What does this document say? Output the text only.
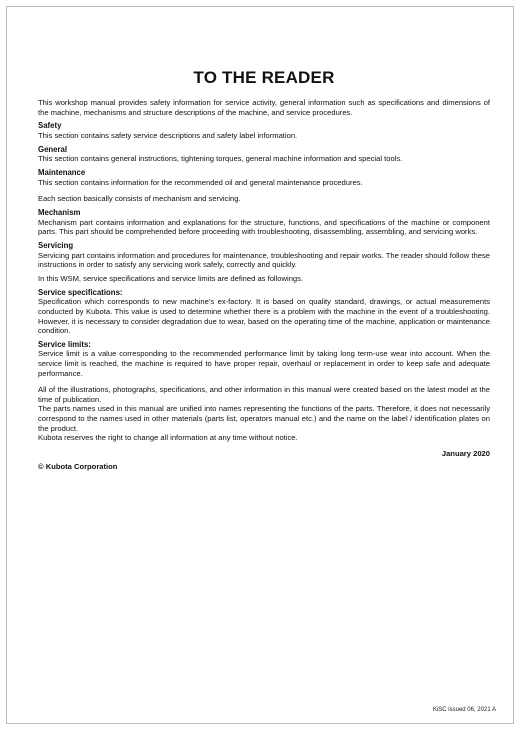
TO THE READER

This workshop manual provides safety information for service activity, general information such as specifications and dimensions of the machine, mechanisms and structure descriptions of the machine, and service procedures.

Safety
This section contains safety service descriptions and safety label information.
General
This section contains general instructions, tightening torques, general machine information and special tools.
Maintenance
This section contains information for the recommended oil and general maintenance procedures.

Each section basically consists of mechanism and servicing.

Mechanism
Mechanism part contains information and explanations for the structure, functions, and specifications of the machine or component parts. This part should be comprehended before proceeding with troubleshooting, disassembling, assembling, and servicing works.
Servicing
Servicing part contains information and procedures for maintenance, troubleshooting and repair works. The reader should follow these instructions in order to satisfy any servicing work safely, correctly and quickly.

In this WSM, service specifications and service limits are defined as followings.

Service specifications:
Specification which corresponds to new machine's ex-factory. It is based on quality standard, drawings, or actual measurements conducted by Kubota. This value is used to determine whether there is a problem with the machine in the event of a troubleshooting. However, it is necessary to consider degradation due to wear, based on the operating time of the machine, application or maintenance condition.
Service limits:
Service limit is a value corresponding to the recommended performance limit by taking long term-use wear into account. When the service limit is reached, the machine is required to have proper repair, overhaul or replacement in order to keep safe and adequate performance.
All of the illustrations, photographs, specifications, and other information in this manual were created based on the latest model at the time of publication.
The parts names used in this manual are unified into names representing the functions of the parts. Therefore, it does not necessarily correspond to the names used in other materials (parts list, operators manual etc.) and the name on the label / identification plates on the product.
Kubota reserves the right to change all information at any time without notice.
January 2020
© Kubota Corporation
KiSC issued 06, 2021 A
